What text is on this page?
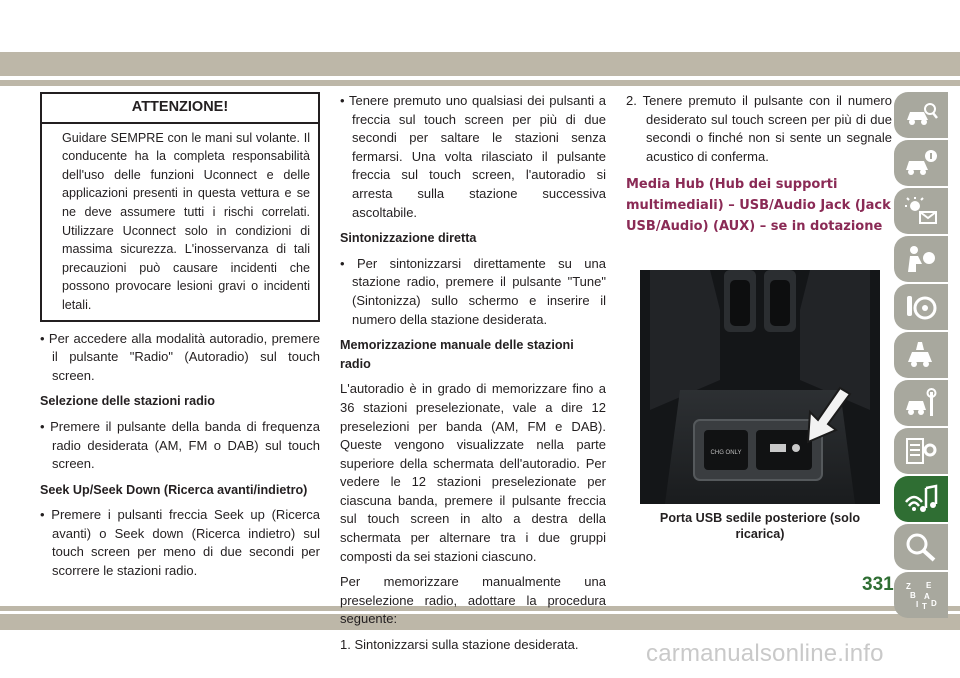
ATTENZIONE!
Guidare SEMPRE con le mani sul volante. Il conducente ha la completa responsabilità dell'uso delle funzioni Uconnect e delle applicazioni presenti in questa vettura e se ne deve assumere tutti i rischi correlati. Utilizzare Uconnect solo in condizioni di massima sicurezza. L'inosservanza di tali precauzioni può causare incidenti che possono provocare lesioni gravi o incidenti letali.

• Per accedere alla modalità autoradio, premere il pulsante "Radio" (Autoradio) sul touch screen.

Selezione delle stazioni radio

• Premere il pulsante della banda di frequenza radio desiderata (AM, FM o DAB) sul touch screen.

Seek Up/Seek Down (Ricerca avanti/indietro)

• Premere i pulsanti freccia Seek up (Ricerca avanti) o Seek down (Ricerca indietro) sul touch screen per meno di due secondi per scorrere le stazioni radio.

• Tenere premuto uno qualsiasi dei pulsanti a freccia sul touch screen per più di due secondi per saltare le stazioni senza fermarsi. Una volta rilasciato il pulsante freccia sul touch screen, l'autoradio si arresta sulla stazione successiva ascoltabile.

Sintonizzazione diretta

• Per sintonizzarsi direttamente su una stazione radio, premere il pulsante "Tune" (Sintonizza) sullo schermo e inserire il numero della stazione desiderata.

Memorizzazione manuale delle stazioni radio

L'autoradio è in grado di memorizzare fino a 36 stazioni preselezionate, vale a dire 12 preselezioni per banda (AM, FM e DAB). Queste vengono visualizzate nella parte superiore della schermata dell'autoradio. Per vedere le 12 stazioni preselezionate per ciascuna banda, premere il pulsante freccia sul touch screen in alto a destra della schermata per alternare tra i due gruppi composti da sei stazioni ciascuno.

Per memorizzare manualmente una preselezione radio, adottare la procedura seguente:

1. Sintonizzarsi sulla stazione desiderata.

2. Tenere premuto il pulsante con il numero desiderato sul touch screen per più di due secondi o finché non si sente un segnale acustico di conferma.

Media Hub (Hub dei supporti multimediali) – USB/Audio Jack (Jack USB/Audio) (AUX) – se in dotazione
CHG ONLY
Porta USB sedile posteriore (solo ricarica)
Z E
B A
I D
T
331
carmanualsonline.info
